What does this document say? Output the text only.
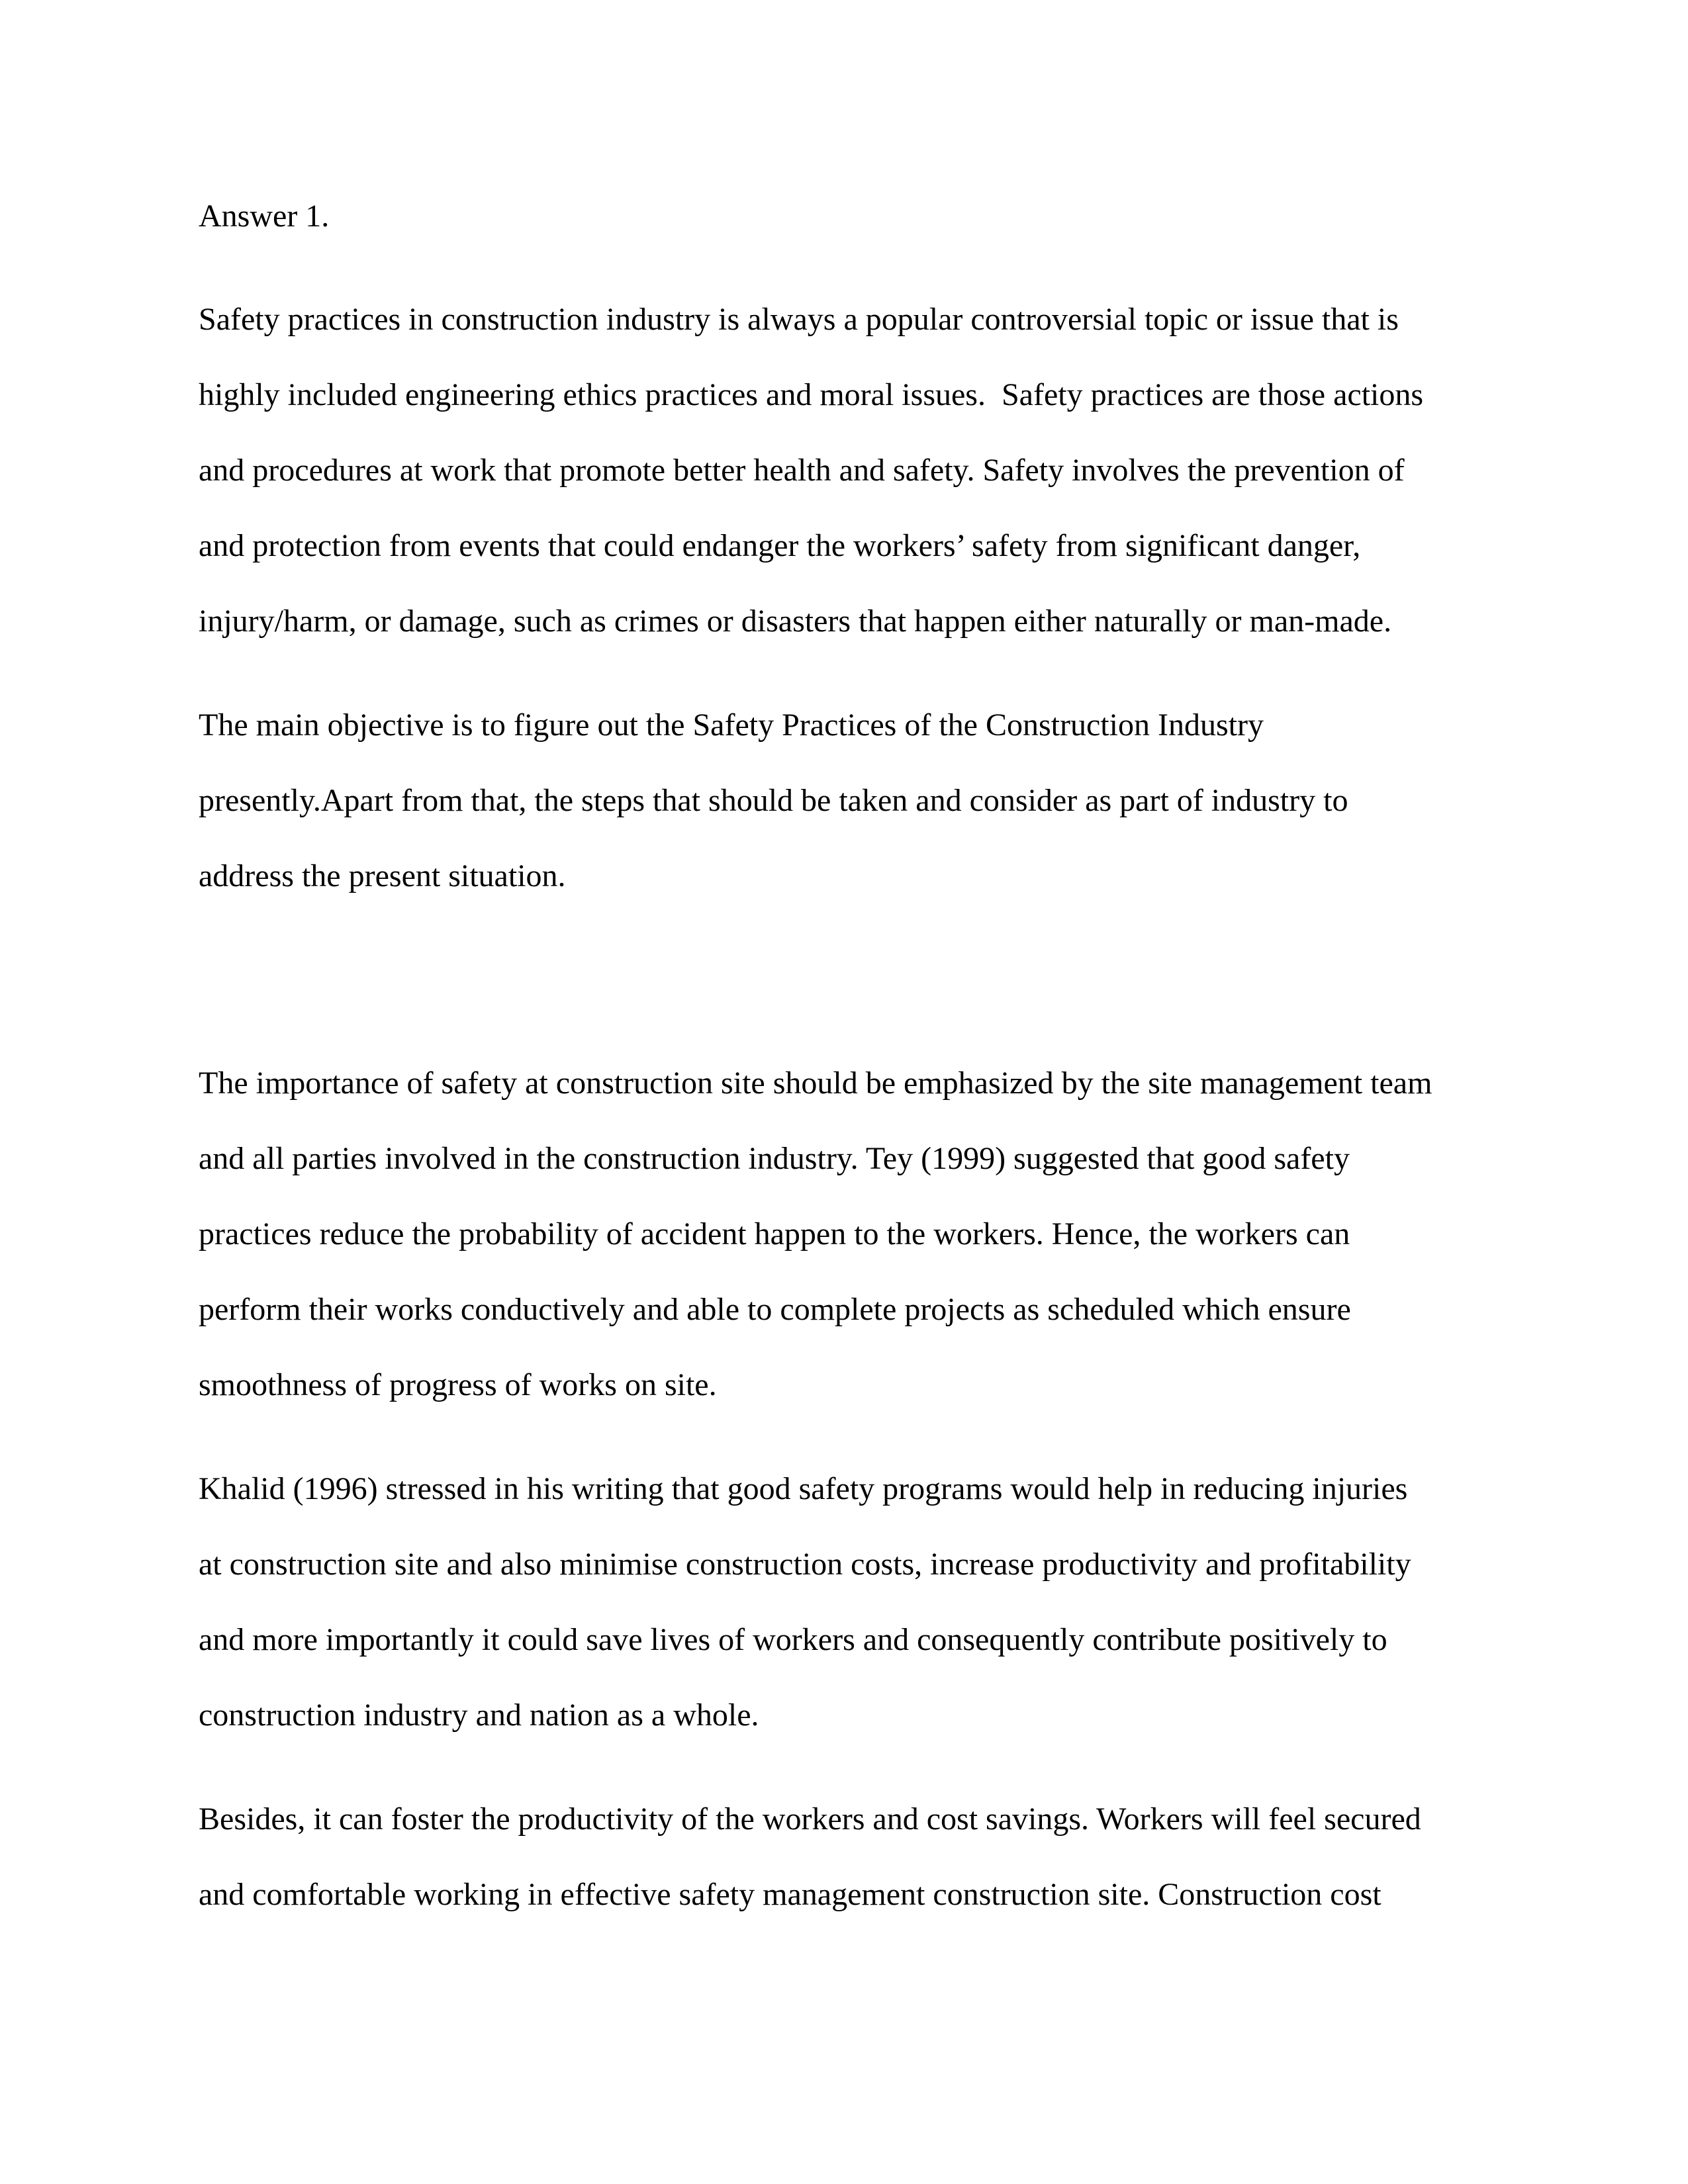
Answer 1.
Safety practices in construction industry is always a popular controversial topic or issue that is
highly included engineering ethics practices and moral issues.  Safety practices are those actions
and procedures at work that promote better health and safety. Safety involves the prevention of
and protection from events that could endanger the workers’ safety from significant danger,
injury/harm, or damage, such as crimes or disasters that happen either naturally or man-made.
The main objective is to figure out the Safety Practices of the Construction Industry
presently.Apart from that, the steps that should be taken and consider as part of industry to
address the present situation.
The importance of safety at construction site should be emphasized by the site management team
and all parties involved in the construction industry. Tey (1999) suggested that good safety
practices reduce the probability of accident happen to the workers. Hence, the workers can
perform their works conductively and able to complete projects as scheduled which ensure
smoothness of progress of works on site.
Khalid (1996) stressed in his writing that good safety programs would help in reducing injuries
at construction site and also minimise construction costs, increase productivity and profitability
and more importantly it could save lives of workers and consequently contribute positively to
construction industry and nation as a whole.
Besides, it can foster the productivity of the workers and cost savings. Workers will feel secured
and comfortable working in effective safety management construction site. Construction cost
